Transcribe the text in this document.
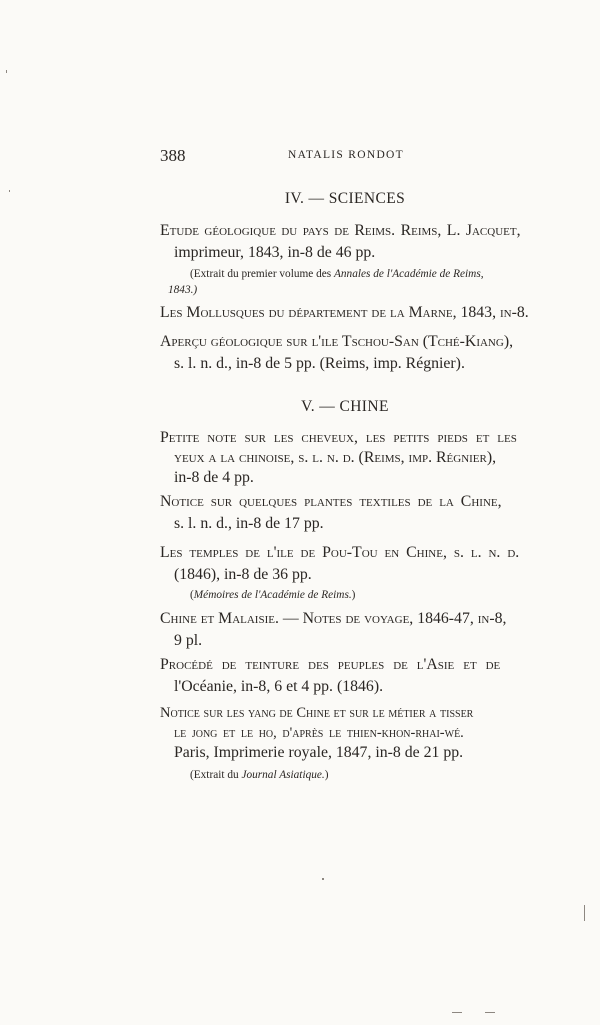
388	NATALIS RONDOT
IV. — SCIENCES
Etude géologique du pays de Reims. Reims, L. Jacquet,
imprimeur, 1843, in-8 de 46 pp.
(Extrait du premier volume des Annales de l'Académie de Reims,
1843.)
Les Mollusques du département de la Marne, 1843, in-8.
Aperçu géologique sur l'ile Tschou-San (Tché-Kiang),
s. l. n. d., in-8 de 5 pp. (Reims, imp. Régnier).
V. — CHINE
Petite note sur les cheveux, les petits pieds et les
yeux a la chinoise, s. l. n. d. (Reims, imp. Régnier),
in-8 de 4 pp.
Notice sur quelques plantes textiles de la Chine,
s. l. n. d., in-8 de 17 pp.
Les temples de l'ile de Pou-Tou en Chine, s. l. n. d.
(1846), in-8 de 36 pp.
(Mémoires de l'Académie de Reims.)
Chine et Malaisie. — Notes de voyage, 1846-47, in-8,
9 pl.
Procédé de teinture des peuples de l'Asie et de
l'Océanie, in-8, 6 et 4 pp. (1846).
Notice sur les yang de Chine et sur le métier a tisser
le jong et le ho, d'après le thien-khon-rhai-wé.
Paris, Imprimerie royale, 1847, in-8 de 21 pp.
(Extrait du Journal Asiatique.)
